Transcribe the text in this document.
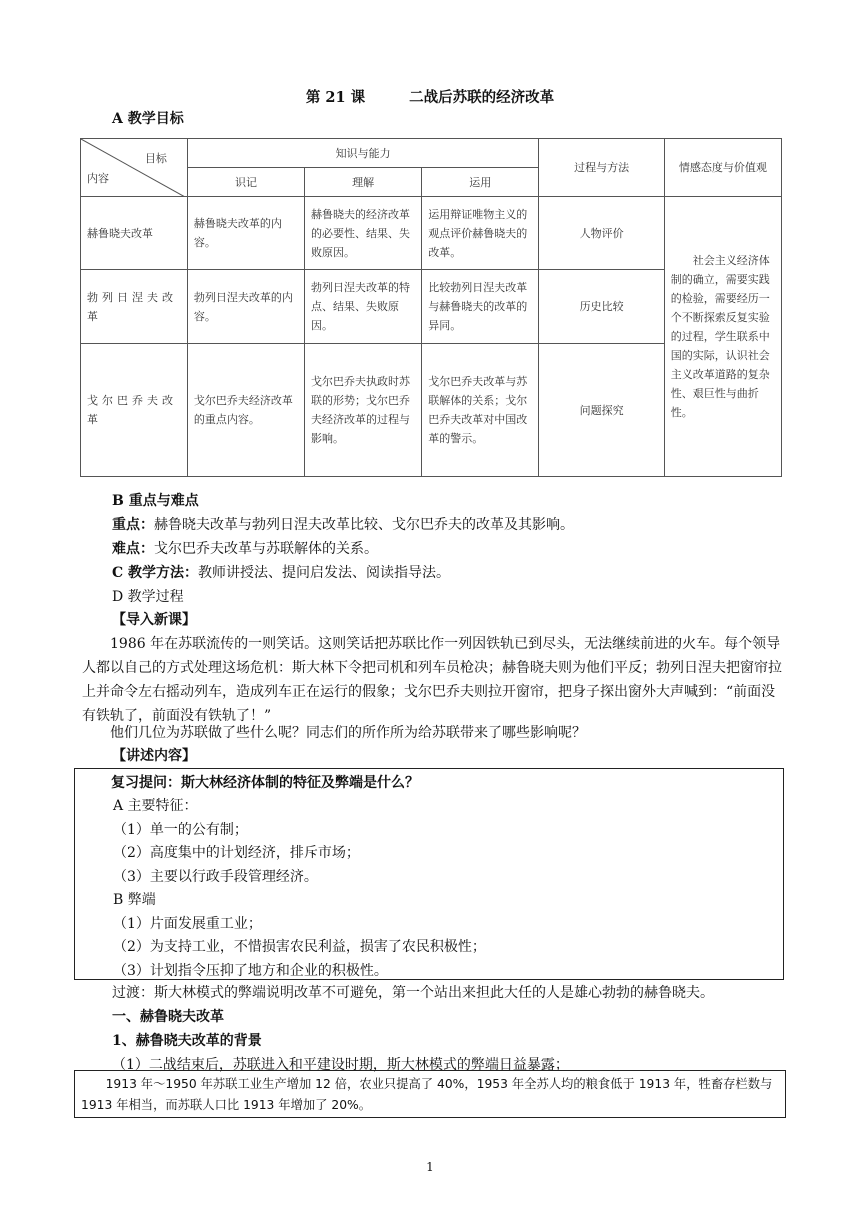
第 21 课	二战后苏联的经济改革
A 教学目标
目标
内容	知识与能力			过程与方法	情感态度与价值观
	识记	理解	运用		
赫鲁晓夫改革	赫鲁晓夫改革的内容。	赫鲁晓夫的经济改革的必要性、结果、失败原因。	运用辩证唯物主义的观点评价赫鲁晓夫的改革。	人物评价	社会主义经济体制的确立，需要实践的检验，需要经历一个不断探索反复实验的过程，学生联系中国的实际，认识社会主义改革道路的复杂性、艰巨性与曲折性。
勃列日涅夫改革	勃列日涅夫改革的内容。	勃列日涅夫改革的特点、结果、失败原因。	比较勃列日涅夫改革与赫鲁晓夫的改革的异同。	历史比较	
戈尔巴乔夫改革	戈尔巴乔夫经济改革的重点内容。	戈尔巴乔夫执政时苏联的形势；戈尔巴乔夫经济改革的过程与影响。	戈尔巴乔夫改革与苏联解体的关系；戈尔巴乔夫改革对中国改革的警示。	问题探究	
B 重点与难点
重点：赫鲁晓夫改革与勃列日涅夫改革比较、戈尔巴乔夫的改革及其影响。
难点：戈尔巴乔夫改革与苏联解体的关系。
C 教学方法：教师讲授法、提问启发法、阅读指导法。
D 教学过程
【导入新课】
1986 年在苏联流传的一则笑话。这则笑话把苏联比作一列因铁轨已到尽头，无法继续前进的火车。每个领导人都以自己的方式处理这场危机：斯大林下令把司机和列车员枪决；赫鲁晓夫则为他们平反；勃列日涅夫把窗帘拉上并命令左右摇动列车，造成列车正在运行的假象；戈尔巴乔夫则拉开窗帘，把身子探出窗外大声喊到：“前面没有铁轨了，前面没有铁轨了！”
他们几位为苏联做了些什么呢？同志们的所作所为给苏联带来了哪些影响呢？
【讲述内容】
复习提问：斯大林经济体制的特征及弊端是什么？
A 主要特征：
（1）单一的公有制；
（2）高度集中的计划经济，排斥市场；
（3）主要以行政手段管理经济。
B 弊端
（1）片面发展重工业；
（2）为支持工业，不惜损害农民利益，损害了农民积极性；
（3）计划指令压抑了地方和企业的积极性。
过渡：斯大林模式的弊端说明改革不可避免，第一个站出来担此大任的人是雄心勃勃的赫鲁晓夫。
一、赫鲁晓夫改革
1、赫鲁晓夫改革的背景
（1）二战结束后，苏联进入和平建设时期，斯大林模式的弊端日益暴露；
1913 年～1950 年苏联工业生产增加 12 倍，农业只提高了 40%，1953 年全苏人均的粮食低于 1913 年，牲畜存栏数与 1913 年相当，而苏联人口比 1913 年增加了 20%。
1
